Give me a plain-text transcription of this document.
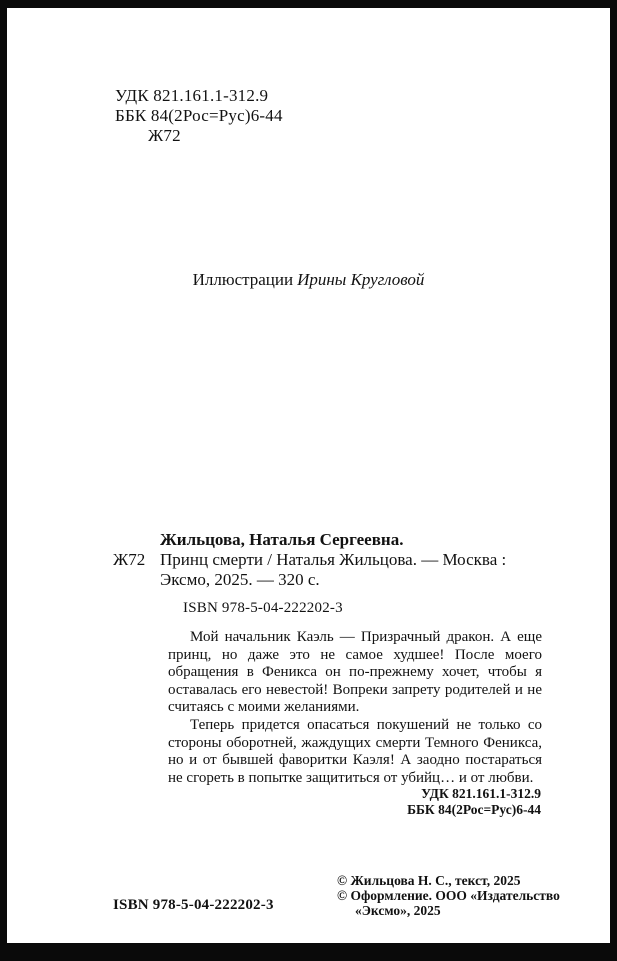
УДК 821.161.1-312.9
ББК 84(2Рос=Рус)6-44
Ж72
Иллюстрации Ирины Кругловой
Жильцова, Наталья Сергеевна.
Ж72 Принц смерти / Наталья Жильцова. — Москва :
Эксмо, 2025. — 320 с.
ISBN 978-5-04-222202-3

Мой начальник Каэль — Призрачный дракон. А еще принц, но даже это не самое худшее! После моего обращения в Феникса он по-прежнему хочет, чтобы я оставалась его невестой! Вопреки запрету родителей и не считаясь с моими желаниями.

Теперь придется опасаться покушений не только со стороны оборотней, жаждущих смерти Темного Феникса, но и от бывшей фаворитки Каэля! А заодно постараться не сгореть в попытке защититься от убийц… и от любви.

УДК 821.161.1-312.9
ББК 84(2Рос=Рус)6-44
© Жильцова Н. С., текст, 2025
© Оформление. ООО «Издательство
«Эксмо», 2025
ISBN 978-5-04-222202-3
